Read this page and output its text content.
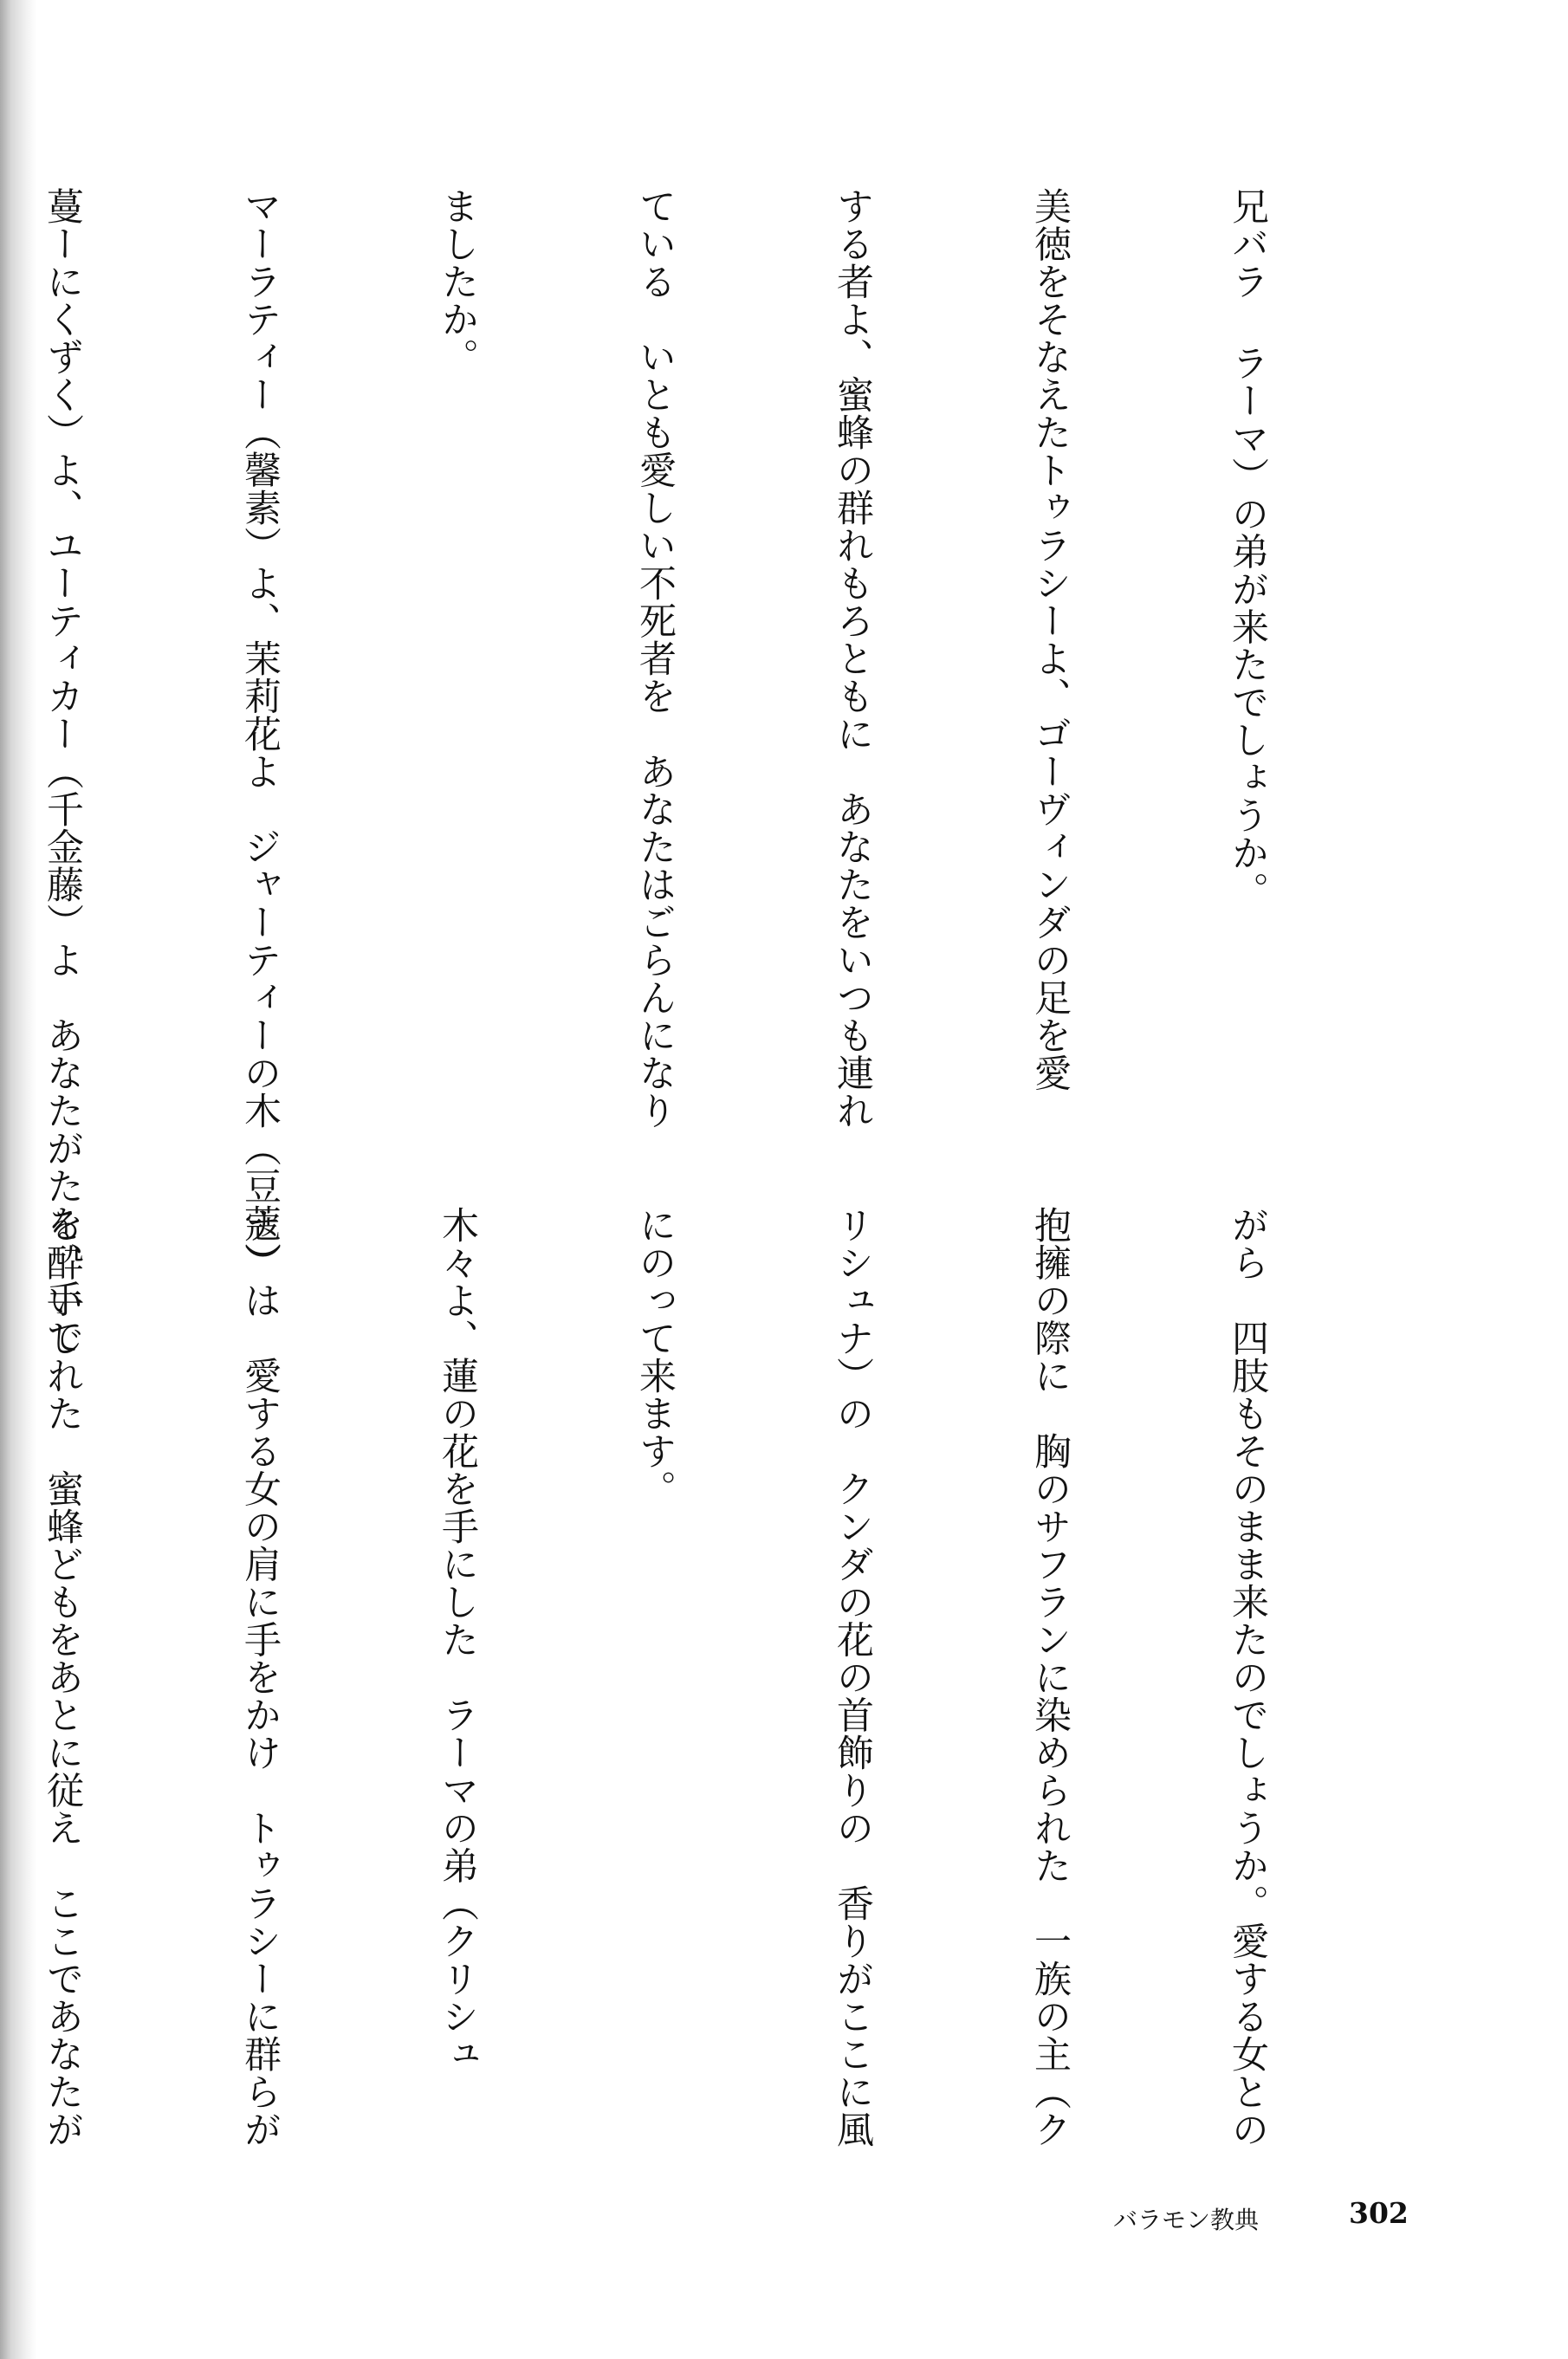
兄バラ ラーマ）の弟が来たでしょうか。

美徳をそなえたトゥラシーよ、ゴーヴィンダの足を愛

する者よ、蜜蜂の群れもろともに　あなたをいつも連れ

ている　いとも愛しい不死者を　あなたはごらんになり

ましたか。

マーラティー（馨素）よ、茉莉花よ　ジャーティーの木（豆蔻）

蔓ーにくずく）よ、ユーティカー（千金藤）よ　あなたがたを、手で

がら　四肢もそのまま来たのでしょうか。愛する女との

抱擁の際に　胸のサフランに染められた　一族の主（ク

リシュナ）の　クンダの花の首飾りの　香りがここに風

にのって来ます。

木々よ、蓮の花を手にした　ラーマの弟（クリシュ

ナ）は　愛する女の肩に手をかけ　トゥラシーに群らが

る酔いしれた　蜜蜂どもをあとに従え　ここであなたが

バラモン教典	302
